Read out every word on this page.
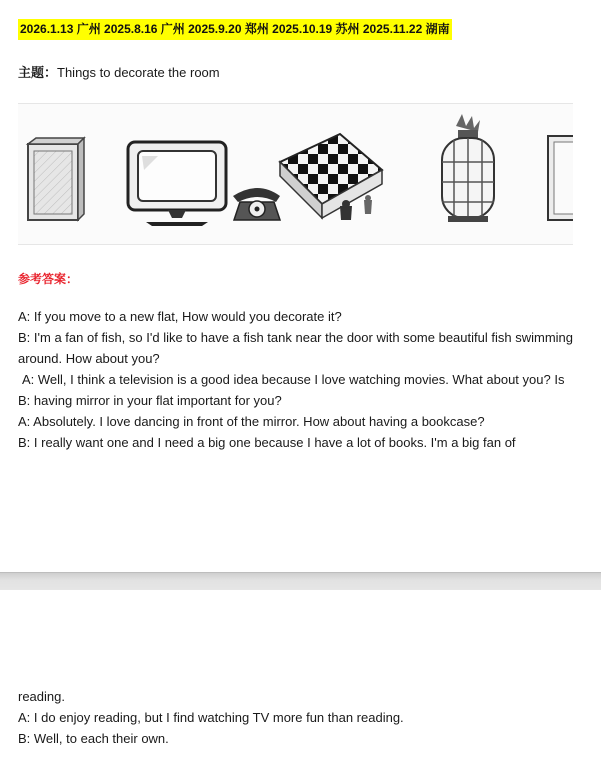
2026.1.13 广州 2025.8.16 广州 2025.9.20 郑州 2025.10.19 苏州 2025.11.22 湖南
主题：Things to decorate the room
参考答案：

A: If you move to a new flat, How would you decorate it?

B: I'm a fan of fish, so I'd like to have a fish tank near the door with some beautiful fish swimming around. How about you?

A: Well, I think a television is a good idea because I love watching movies. What about you? Is

B: having mirror in your flat important for you?

A: Absolutely. I love dancing in front of the mirror. How about having a bookcase?

B: I really want one and I need a big one because I have a lot of books. I'm a big fan of

reading.

A: I do enjoy reading, but I find watching TV more fun than reading.

B: Well, to each their own.
